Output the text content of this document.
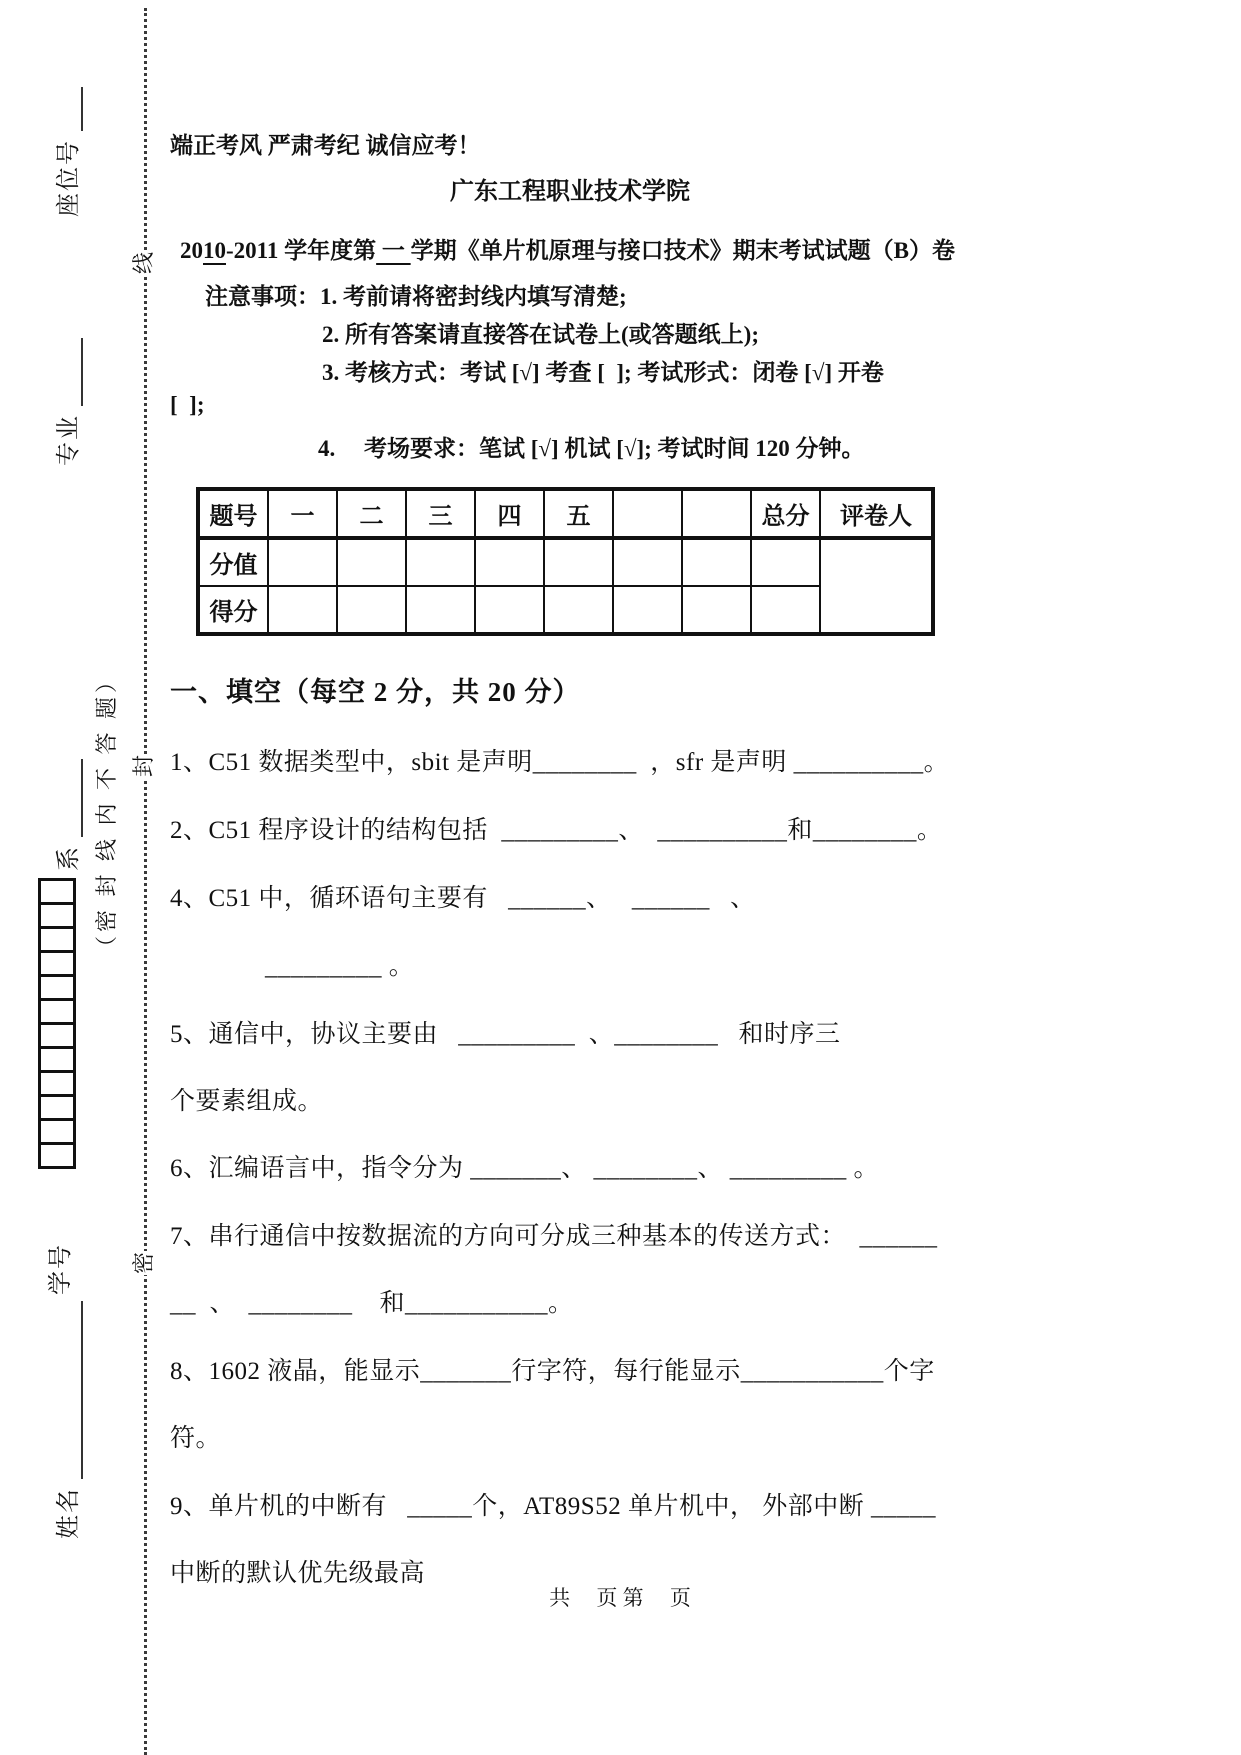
线
封
密
（密 封 线 内 不 答 题）
座位号
专业
系
学号
姓名
端正考风 严肃考纪 诚信应考！
广东工程职业技术学院
2010-2011 学年度第 一 学期《单片机原理与接口技术》期末考试试题（B）卷
注意事项：1. 考前请将密封线内填写清楚;
2. 所有答案请直接答在试卷上(或答题纸上);
3. 考核方式：考试 [√] 考查 [  ]; 考试形式：闭卷 [√] 开卷
[  ];
4.     考场要求：笔试 [√] 机试 [√]; 考试时间 120 分钟。
题号	一	二	三	四	五			总分	评卷人
分值									
得分									
一、填空（每空 2 分，共 20 分）
1、C51 数据类型中，sbit 是声明________  ，sfr 是声明 __________。
2、C51 程序设计的结构包括  _________、  __________和________。
4、C51 中，循环语句主要有   ______、   ______   、
_________ 。
5、通信中，协议主要由   _________  、________   和时序三
个要素组成。
6、汇编语言中，指令分为 _______、 ________、 _________ 。
7、串行通信中按数据流的方向可分成三种基本的传送方式：  ______
__  、  ________    和___________。
8、1602 液晶，能显示_______行字符，每行能显示___________个字
符。
9、单片机的中断有   _____个，AT89S52 单片机中， 外部中断 _____
中断的默认优先级最高
共　 页 第　 页
